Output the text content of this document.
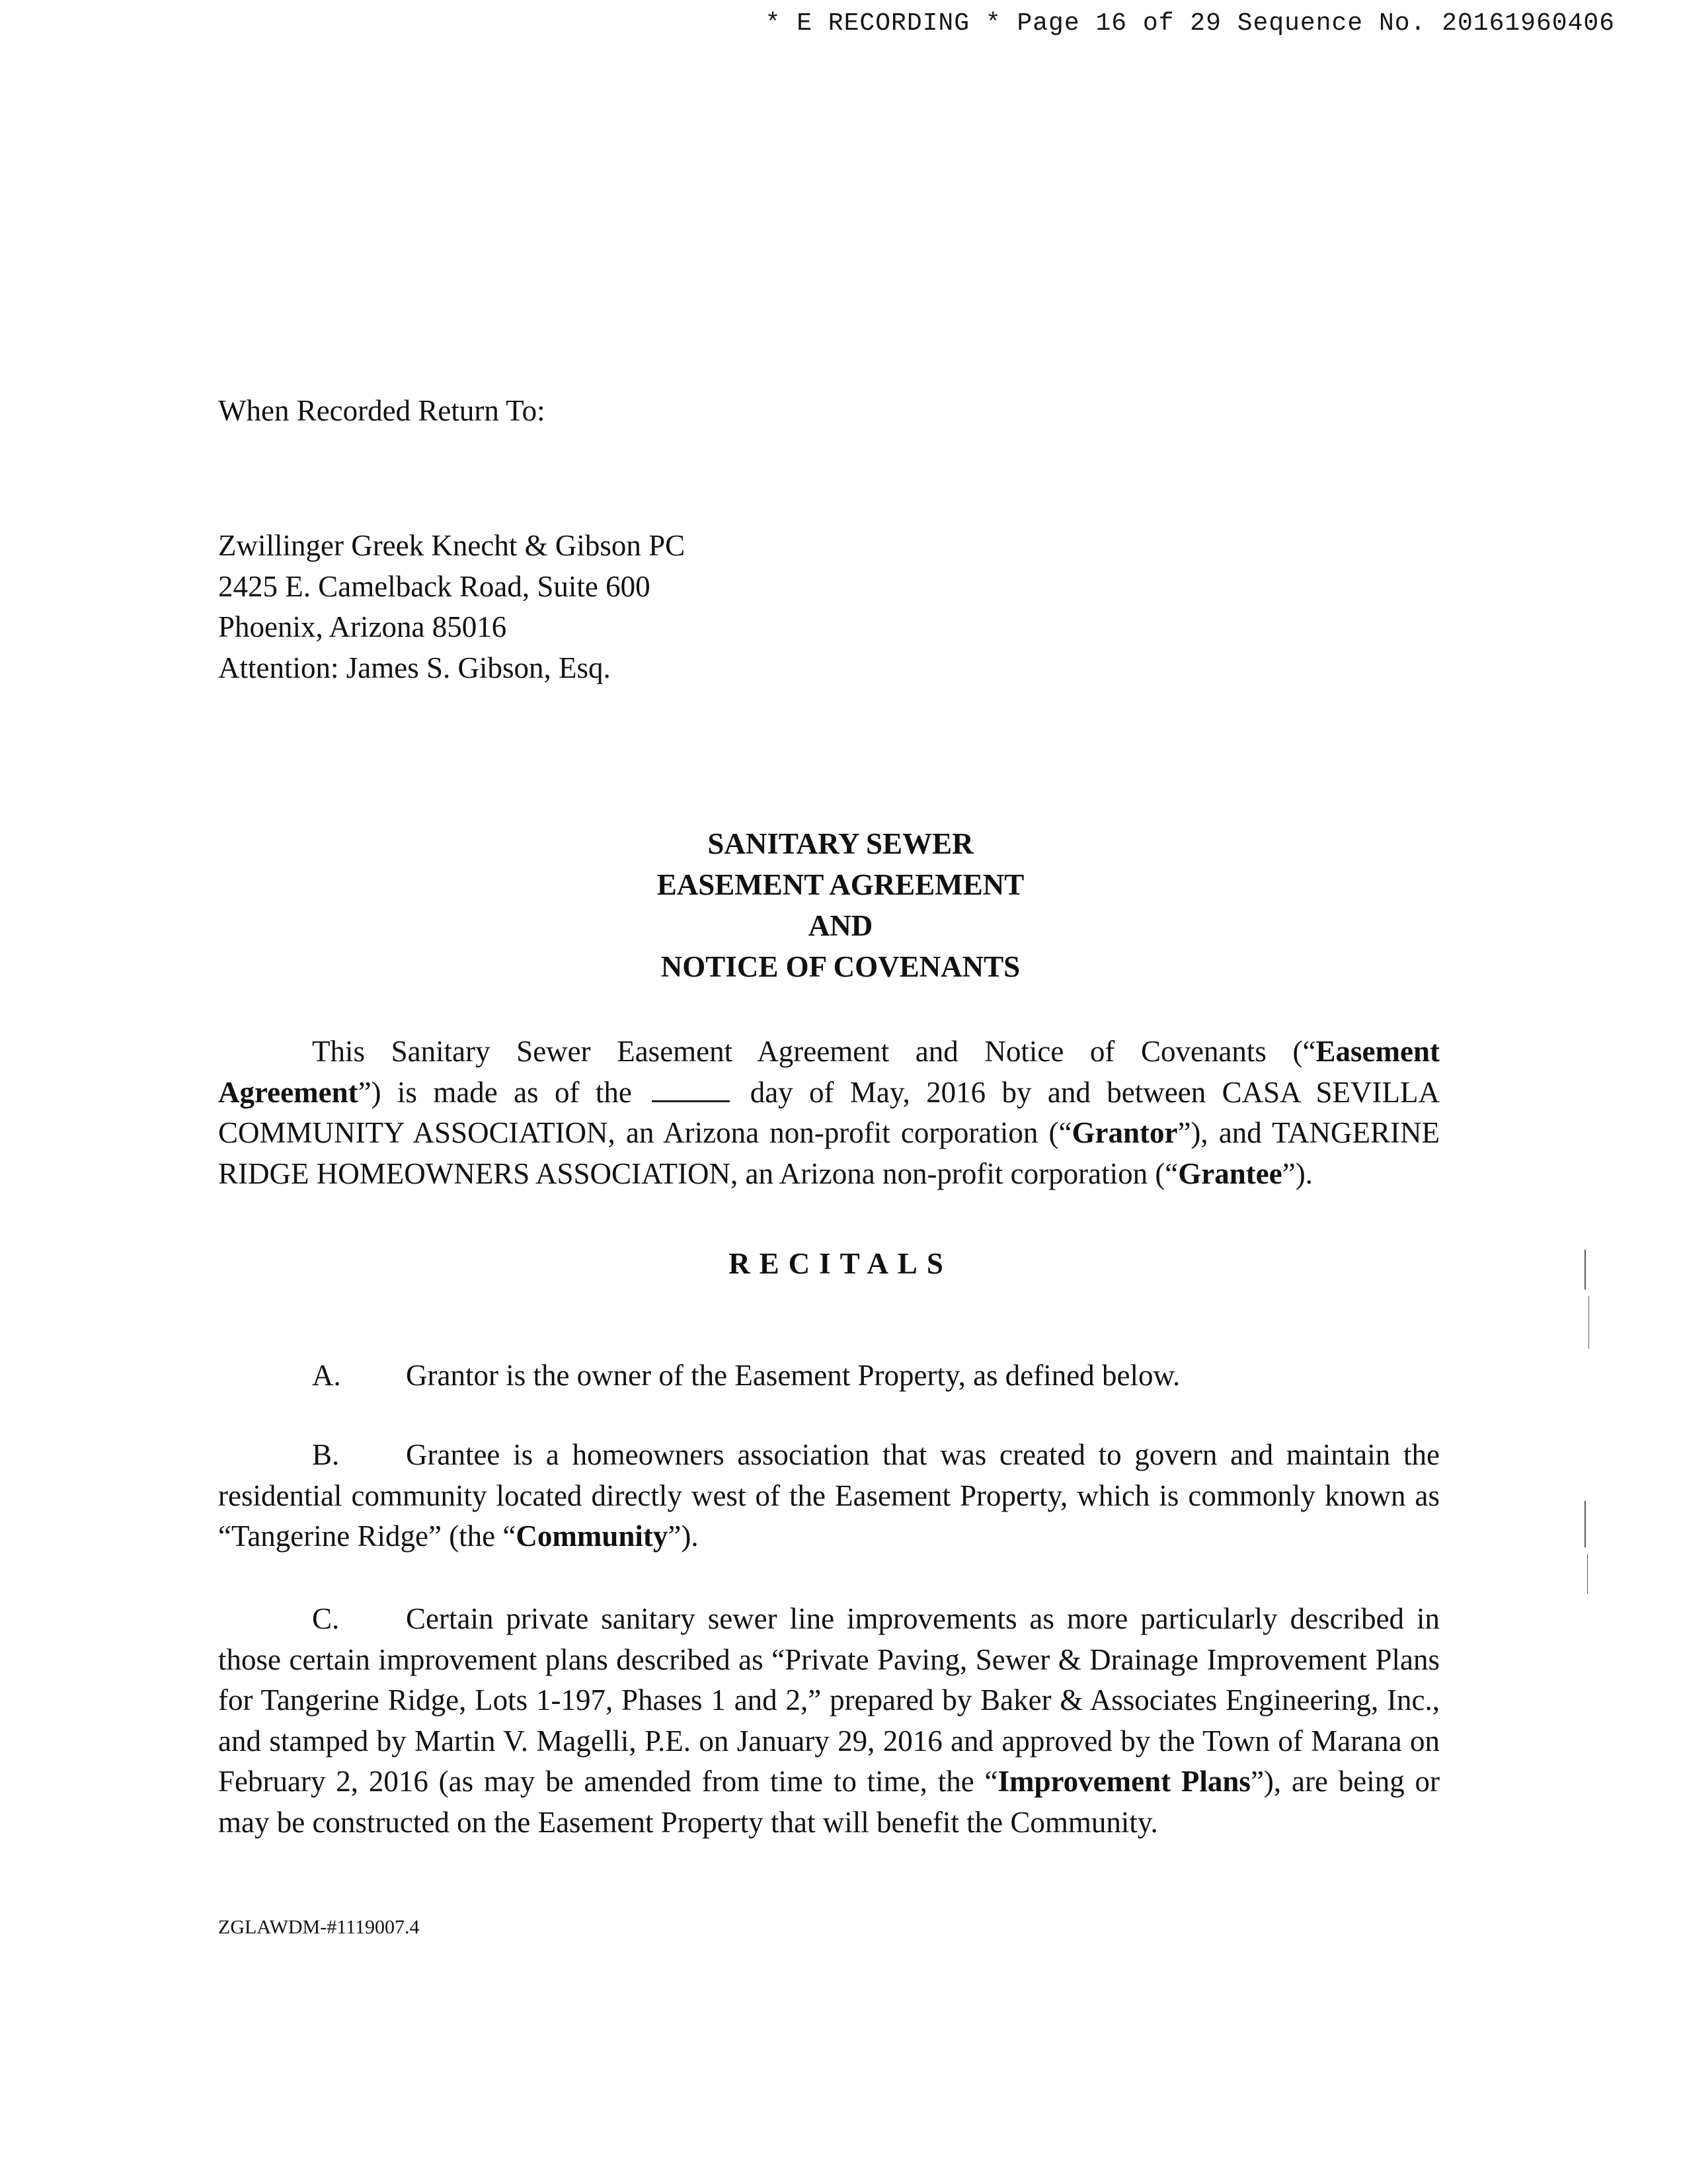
* E RECORDING * Page 16 of 29 Sequence No. 20161960406
When Recorded Return To:
Zwillinger Greek Knecht & Gibson PC
2425 E. Camelback Road, Suite 600
Phoenix, Arizona 85016
Attention: James S. Gibson, Esq.
SANITARY SEWER
EASEMENT AGREEMENT
AND
NOTICE OF COVENANTS
This Sanitary Sewer Easement Agreement and Notice of Covenants (“Easement Agreement”) is made as of the	day of May, 2016 by and between CASA SEVILLA COMMUNITY ASSOCIATION, an Arizona non-profit corporation (“Grantor”), and TANGERINE RIDGE HOMEOWNERS ASSOCIATION, an Arizona non-profit corporation (“Grantee”).
RECITALS
A. Grantor is the owner of the Easement Property, as defined below.
B. Grantee is a homeowners association that was created to govern and maintain the residential community located directly west of the Easement Property, which is commonly known as “Tangerine Ridge” (the “Community”).
C. Certain private sanitary sewer line improvements as more particularly described in those certain improvement plans described as “Private Paving, Sewer & Drainage Improvement Plans for Tangerine Ridge, Lots 1-197, Phases 1 and 2,” prepared by Baker & Associates Engineering, Inc., and stamped by Martin V. Magelli, P.E. on January 29, 2016 and approved by the Town of Marana on February 2, 2016 (as may be amended from time to time, the “Improvement Plans”), are being or may be constructed on the Easement Property that will benefit the Community.
ZGLAWDM-#1119007.4
